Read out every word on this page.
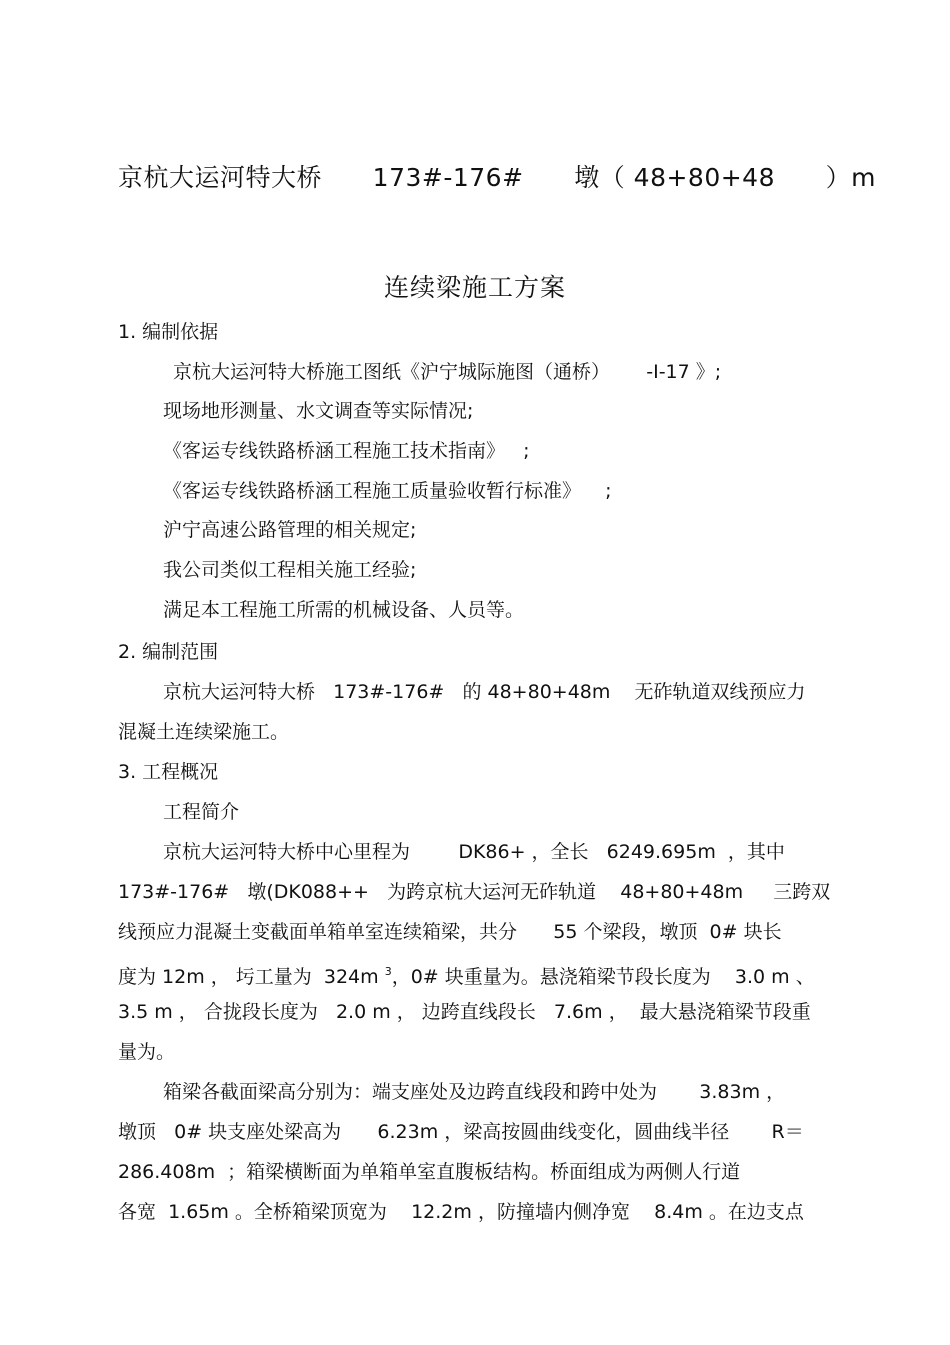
京杭大运河特大桥      173#-176#      墩（ 48+80+48      ）m
连续梁施工方案
1. 编制依据
京杭大运河特大桥施工图纸《沪宁城际施图（通桥）      -I-17 》;
现场地形测量、水文调查等实际情况;
《客运专线铁路桥涵工程施工技术指南》   ;
《客运专线铁路桥涵工程施工质量验收暂行标准》    ;
沪宁高速公路管理的相关规定;
我公司类似工程相关施工经验;
满足本工程施工所需的机械设备、人员等。
2. 编制范围
京杭大运河特大桥   173#-176#   的 48+80+48m    无砟轨道双线预应力
混凝土连续梁施工。
3. 工程概况
工程简介
京杭大运河特大桥中心里程为        DK86+ ，全长   6249.695m  ，其中
173#-176#   墩(DK088++   为跨京杭大运河无砟轨道    48+80+48m     三跨双
线预应力混凝土变截面单箱单室连续箱梁，共分      55 个梁段，墩顶  0# 块长
度为 12m ， 圬工量为  324m $^3$，0# 块重量为。悬浇箱梁节段长度为    3.0 m 、
3.5 m ， 合拢段长度为   2.0 m ， 边跨直线段长   7.6m ，  最大悬浇箱梁节段重
量为。
箱梁各截面梁高分别为：端支座处及边跨直线段和跨中处为       3.83m ，
墩顶   0# 块支座处梁高为      6.23m ，梁高按圆曲线变化，圆曲线半径       R＝
286.408m  ；箱梁横断面为单箱单室直腹板结构。桥面组成为两侧人行道
各宽  1.65m 。全桥箱梁顶宽为    12.2m ，防撞墙内侧净宽    8.4m 。在边支点
